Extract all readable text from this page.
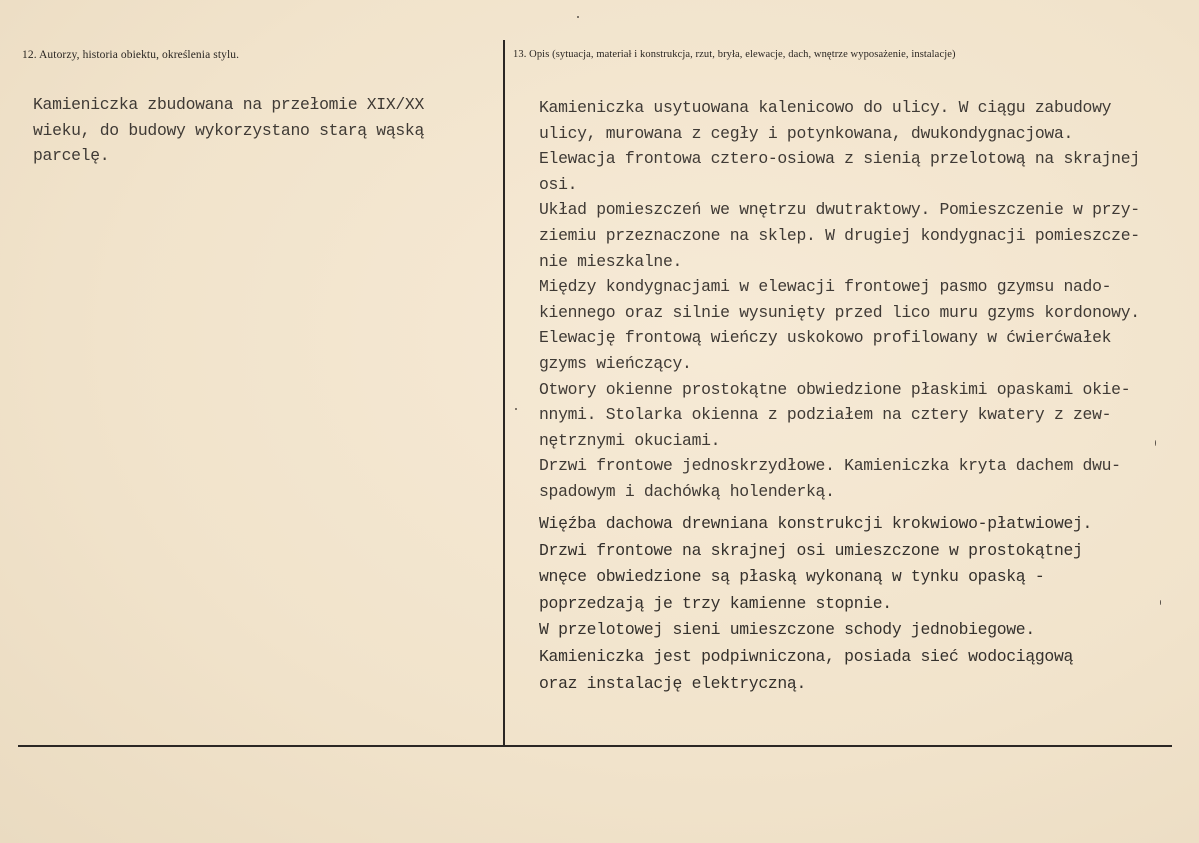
12. Autorzy, historia obiektu, określenia stylu.	13. Opis (sytuacja, materiał i konstrukcja, rzut, bryła, elewacje, dach, wnętrze wyposażenie, instalacje)
Kamieniczka zbudowana na przełomie XIX/XX
wieku, do budowy wykorzystano starą wąską
parcelę.
Kamieniczka usytuowana kalenicowo do ulicy. W ciągu zabudowy
ulicy, murowana z cegły i potynkowana, dwukondygnacjowa.
Elewacja frontowa cztero-osiowa z sienią przelotową na skrajnej
osi.
Układ pomieszczeń we wnętrzu dwutraktowy. Pomieszczenie w przy-
ziemiu przeznaczone na sklep. W drugiej kondygnacji pomieszcze-
nie mieszkalne.
Między kondygnacjami w elewacji frontowej pasmo gzymsu nado-
kiennego oraz silnie wysunięty przed lico muru gzyms kordonowy.
Elewację frontową wieńczy uskokowo profilowany w ćwierćwałek
gzyms wieńczący.
Otwory okienne prostokątne obwiedzione płaskimi opaskami okie-
nnymi. Stolarka okienna z podziałem na cztery kwatery z zew-
nętrznymi okuciami.
Drzwi frontowe jednoskrzydłowe. Kamieniczka kryta dachem dwu-
spadowym i dachówką holenderką.
Więźba dachowa drewniana konstrukcji krokwiowo-płatwiowej.
Drzwi frontowe na skrajnej osi umieszczone w prostokątnej
wnęce obwiedzione są płaską wykonaną w tynku opaską -
poprzedzają je trzy kamienne stopnie.
W przelotowej sieni umieszczone schody jednobiegowe.
Kamieniczka jest podpiwniczona, posiada sieć wodociągową
oraz instalację elektryczną.
